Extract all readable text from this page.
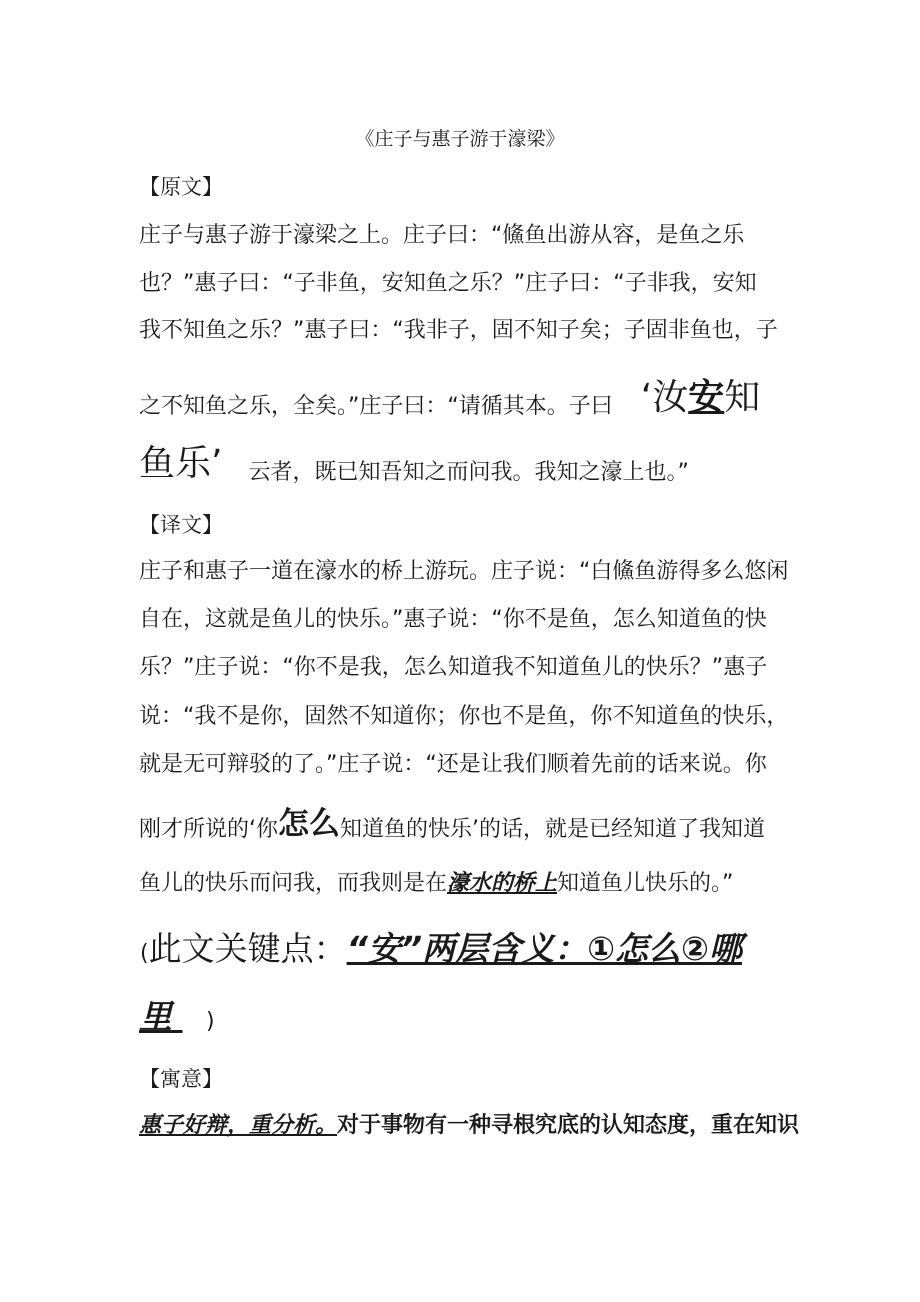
《庄子与惠子游于濠梁》

【原文】

庄子与惠子游于濠梁之上。庄子曰：“鯈鱼出游从容，是鱼之乐

也？”惠子曰：“子非鱼，安知鱼之乐？”庄子曰：“子非我，安知

我不知鱼之乐？”惠子曰：“我非子，固不知子矣；子固非鱼也，子

之不知鱼之乐，全矣。”庄子曰：“请循其本。子曰 ‘汝安知

鱼乐’ 云者，既已知吾知之而问我。我知之濠上也。”

【译文】

庄子和惠子一道在濠水的桥上游玩。庄子说：“白鯈鱼游得多么悠闲

自在，这就是鱼儿的快乐。”惠子说：“你不是鱼，怎么知道鱼的快

乐？”庄子说：“你不是我，怎么知道我不知道鱼儿的快乐？”惠子

说：“我不是你，固然不知道你；你也不是鱼，你不知道鱼的快乐，

就是无可辩驳的了。”庄子说：“还是让我们顺着先前的话来说。你

刚才所说的‘你怎么知道鱼的快乐’的话，就是已经知道了我知道

鱼儿的快乐而问我，而我则是在濠水的桥上知道鱼儿快乐的。”

(此文关键点：“安”两层含义：①怎么②哪

里 )

【寓意】

惠子好辩，重分析。对于事物有一种寻根究底的认知态度，重在知识
